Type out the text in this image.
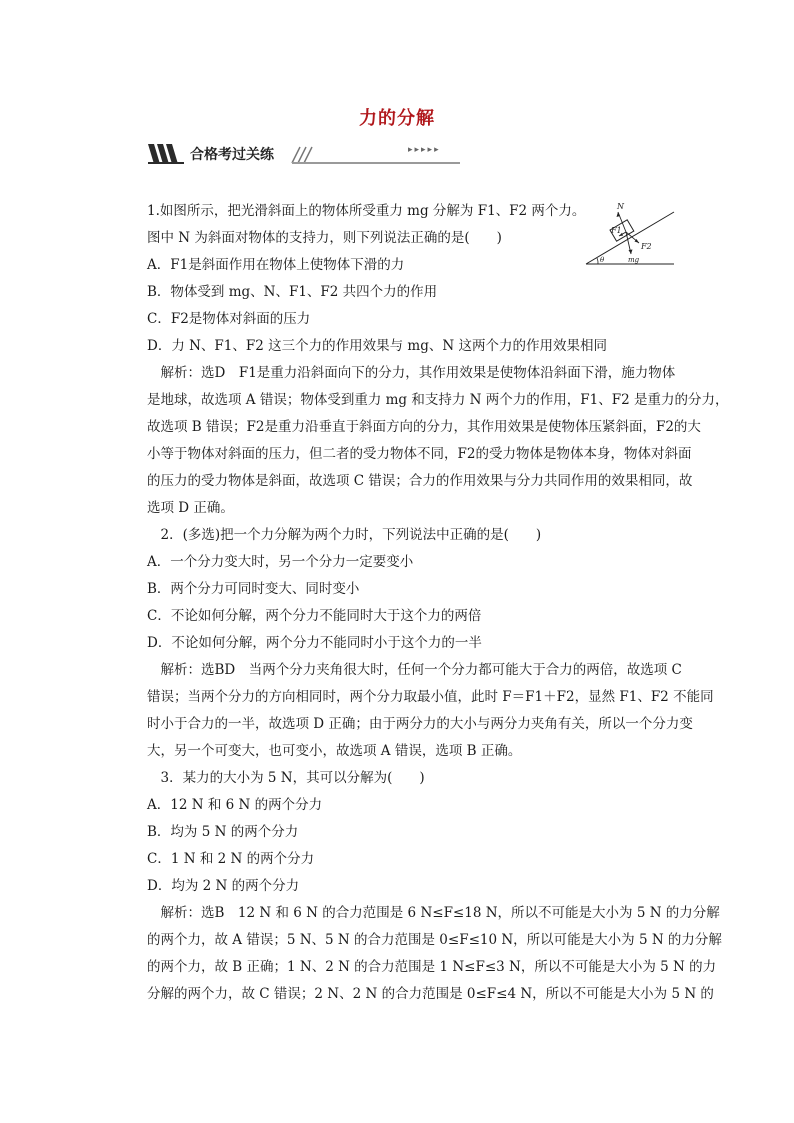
力的分解
合格考过关练	▸▸▸▸▸
N
F1
F2
θ	mg
1.如图所示，把光滑斜面上的物体所受重力 mg 分解为 F1、F2 两个力。
图中 N 为斜面对物体的支持力，则下列说法正确的是(　　)
A．F1是斜面作用在物体上使物体下滑的力
B．物体受到 mg、N、F1、F2 共四个力的作用
C．F2是物体对斜面的压力
D．力 N、F1、F2 这三个力的作用效果与 mg、N 这两个力的作用效果相同
　解析：选D　F1是重力沿斜面向下的分力，其作用效果是使物体沿斜面下滑，施力物体
是地球，故选项 A 错误；物体受到重力 mg 和支持力 N 两个力的作用，F1、F2 是重力的分力，
故选项 B 错误；F2是重力沿垂直于斜面方向的分力，其作用效果是使物体压紧斜面，F2的大
小等于物体对斜面的压力，但二者的受力物体不同，F2的受力物体是物体本身，物体对斜面
的压力的受力物体是斜面，故选项 C 错误；合力的作用效果与分力共同作用的效果相同，故
选项 D 正确。
　2．(多选)把一个力分解为两个力时，下列说法中正确的是(　　)
A．一个分力变大时，另一个分力一定要变小
B．两个分力可同时变大、同时变小
C．不论如何分解，两个分力不能同时大于这个力的两倍
D．不论如何分解，两个分力不能同时小于这个力的一半
　解析：选BD　当两个分力夹角很大时，任何一个分力都可能大于合力的两倍，故选项 C
错误；当两个分力的方向相同时，两个分力取最小值，此时 F＝F1＋F2，显然 F1、F2 不能同
时小于合力的一半，故选项 D 正确；由于两分力的大小与两分力夹角有关，所以一个分力变
大，另一个可变大，也可变小，故选项 A 错误，选项 B 正确。
　3．某力的大小为 5 N，其可以分解为(　　)
A．12 N 和 6 N 的两个分力
B．均为 5 N 的两个分力
C．1 N 和 2 N 的两个分力
D．均为 2 N 的两个分力
　解析：选B　12 N 和 6 N 的合力范围是 6 N≤F≤18 N，所以不可能是大小为 5 N 的力分解
的两个力，故 A 错误；5 N、5 N 的合力范围是 0≤F≤10 N，所以可能是大小为 5 N 的力分解
的两个力，故 B 正确；1 N、2 N 的合力范围是 1 N≤F≤3 N，所以不可能是大小为 5 N 的力
分解的两个力，故 C 错误；2 N、2 N 的合力范围是 0≤F≤4 N，所以不可能是大小为 5 N 的
